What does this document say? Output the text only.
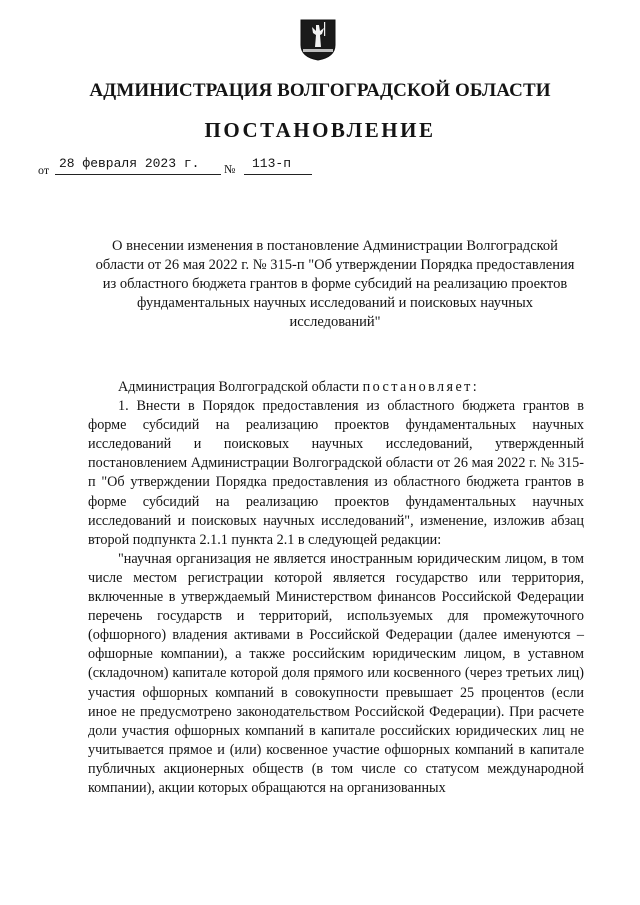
АДМИНИСТРАЦИЯ ВОЛГОГРАДСКОЙ ОБЛАСТИ
ПОСТАНОВЛЕНИЕ
от 28 февраля 2023 г.	№	113-п
О внесении изменения в постановление Администрации Волгоградской области от 26 мая 2022 г. № 315-п "Об утверждении Порядка предоставления из областного бюджета грантов в форме субсидий на реализацию проектов фундаментальных научных исследований и поисковых научных исследований"

Администрация Волгоградской области постановляет:

1. Внести в Порядок предоставления из областного бюджета грантов в форме субсидий на реализацию проектов фундаментальных научных исследований и поисковых научных исследований, утвержденный постановлением Администрации Волгоградской области от 26 мая 2022 г. № 315-п "Об утверждении Порядка предоставления из областного бюджета грантов в форме субсидий на реализацию проектов фундаментальных научных исследований и поисковых научных исследований", изменение, изложив абзац второй подпункта 2.1.1 пункта 2.1 в следующей редакции:

"научная организация не является иностранным юридическим лицом, в том числе местом регистрации которой является государство или территория, включенные в утверждаемый Министерством финансов Российской Федерации перечень государств и территорий, используемых для промежуточного (офшорного) владения активами в Российской Федерации (далее именуются – офшорные компании), а также российским юридическим лицом, в уставном (складочном) капитале которой доля прямого или косвенного (через третьих лиц) участия офшорных компаний в совокупности превышает 25 процентов (если иное не предусмотрено законодательством Российской Федерации). При расчете доли участия офшорных компаний в капитале российских юридических лиц не учитывается прямое и (или) косвенное участие офшорных компаний в капитале публичных акционерных обществ (в том числе со статусом международной компании), акции которых обращаются на организованных
